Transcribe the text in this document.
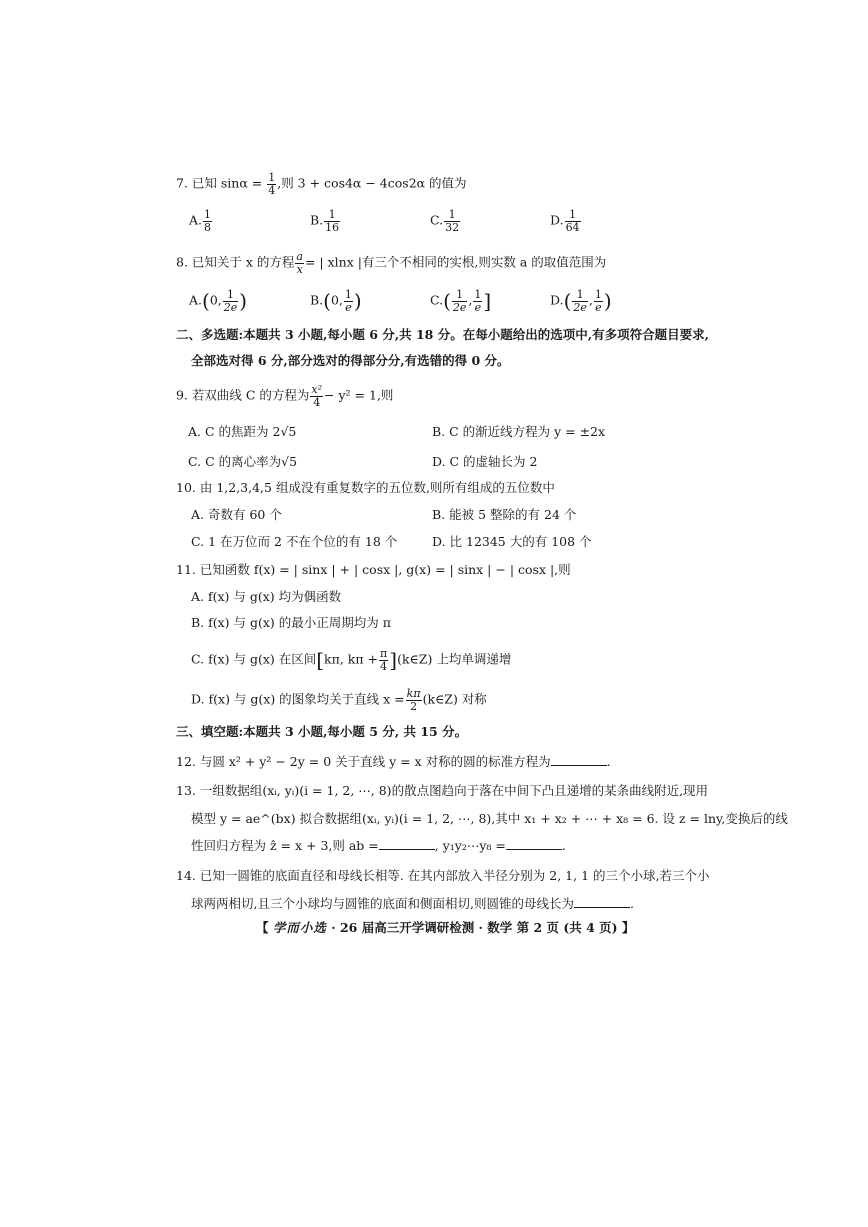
7. 已知 $\sin\alpha = \frac{1}{4}$ ,则 3 + cos4α − 4cos2α 的值为
A. $\frac{1}{8}$	B. $\frac{1}{16}$	C. $\frac{1}{32}$	D. $\frac{1}{64}$
8. 已知关于 x 的方程 $\frac{a}{x}$ = | xlnx |有三个不相同的实根,则实数 a 的取值范围为
A.(0, $\frac{1}{2e}$ )	B.(0, $\frac{1}{e}$ )	$C.( \frac{1}{2e}$ , $\frac{1}{e}$ ]	$D.( \frac{1}{2e}$ , $\frac{1}{e}$ )
二、多选题:本题共 3 小题,每小题 6 分,共 18 分。在每小题给出的选项中,有多项符合题目要求,
全部选对得 6 分,部分选对的得部分分,有选错的得 0 分。
9. 若双曲线 C 的方程为 $\frac{\text{x²}}{4} - y^2 = 1$,则
A. C 的焦距为 2√5	B. C 的渐近线方程为 y = ±2x
C. C 的离心率为√5	D. C 的虚轴长为 2
10. 由 1,2,3,4,5 组成没有重复数字的五位数,则所有组成的五位数中
A. 奇数有 60 个	B. 能被 5 整除的有 24 个
C. 1 在万位而 2 不在个位的有 18 个	D. 比 12345 大的有 108 个
11. 已知函数 f(x) = | sinx | + | cosx |, g(x) = | sinx | − | cosx |,则
A. f(x) 与 g(x) 均为偶函数
B. f(x) 与 g(x) 的最小正周期均为 π
C. f(x) 与 g(x) 在区间[kπ, $k\pi + \frac{\pi}{4}$ ](k∈Z) 上均单调递增
D. f(x) 与 g(x) 的图象均关于直线 $x = \frac{k\pi}{2}$ (k∈Z) 对称
三、填空题:本题共 3 小题,每小题 5 分, 共 15 分。
12. 与圆 x² + y² − 2y = 0 关于直线 y = x 对称的圆的标准方程为	.
13. 一组数据组(xᵢ, yᵢ)(i = 1, 2, ⋯, 8)的散点图趋向于落在中间下凸且递增的某条曲线附近,现用
模型 y = ae^(bx) 拟合数据组(xᵢ, yᵢ)(i = 1, 2, ⋯, 8),其中 x₁ + x₂ + ⋯ + x₈ = 6. 设 z = lny,变换后的线
性回归方程为 ẑ = x + 3,则 ab =	, y₁y₂⋯y₈ =	.
14. 已知一圆锥的底面直径和母线长相等. 在其内部放入半径分别为 2, 1, 1 的三个小球,若三个小
球两两相切,且三个小球均与圆锥的底面和侧面相切,则圆锥的母线长为	.
【 学而小选 · 26 届高三开学调研检测 · 数学 第 2 页 (共 4 页) 】
